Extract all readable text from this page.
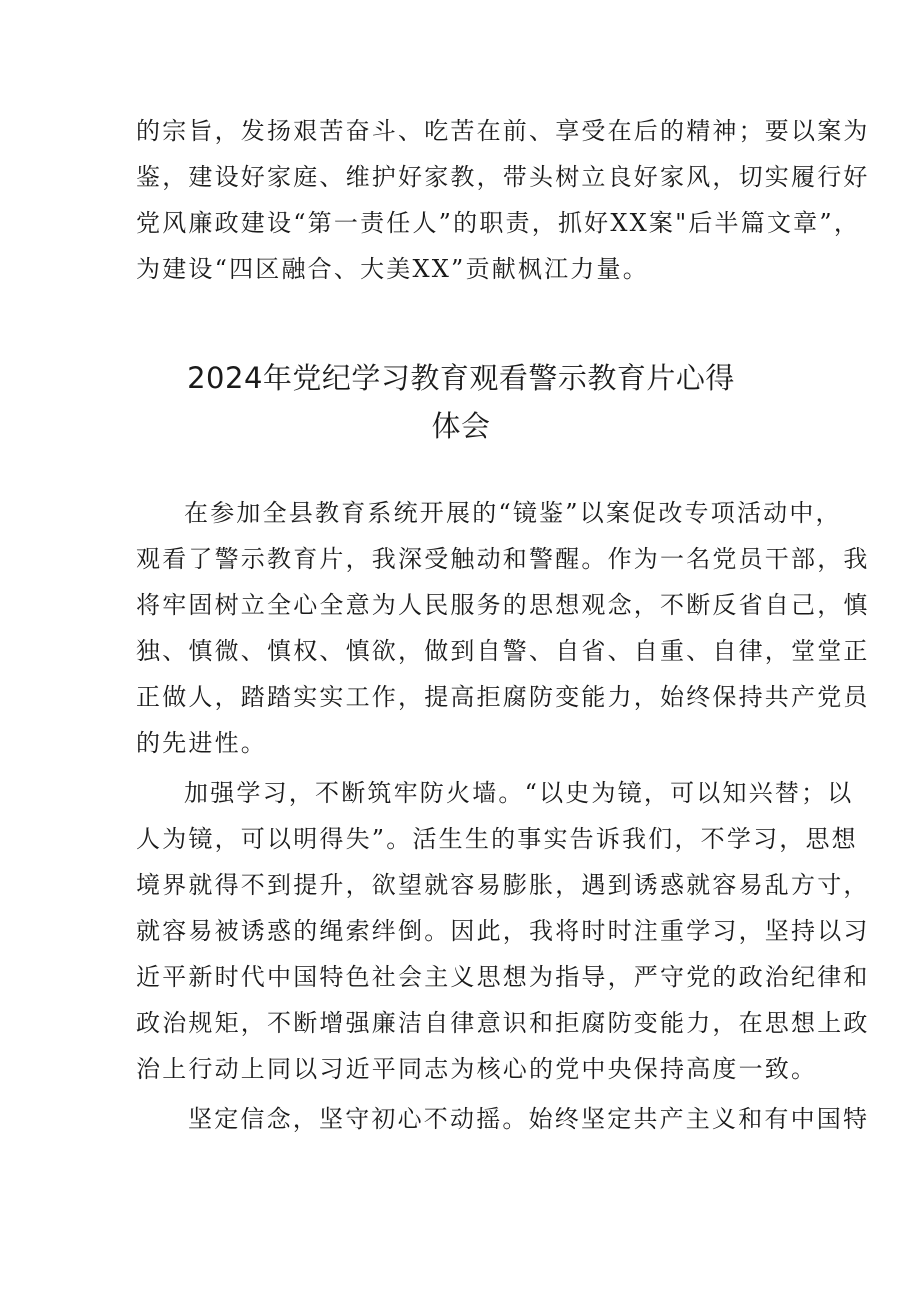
的宗旨，发扬艰苦奋斗、吃苦在前、享受在后的精神；要以案为
鉴，建设好家庭、维护好家教，带头树立良好家风，切实履行好
党风廉政建设“第一责任人”的职责，抓好XX案"后半篇文章”，
为建设“四区融合、大美XX”贡献枫江力量。
2024年党纪学习教育观看警示教育片心得
体会
在参加全县教育系统开展的“镜鉴”以案促改专项活动中，
观看了警示教育片，我深受触动和警醒。作为一名党员干部，我
将牢固树立全心全意为人民服务的思想观念，不断反省自己，慎
独、慎微、慎权、慎欲，做到自警、自省、自重、自律，堂堂正
正做人，踏踏实实工作，提高拒腐防变能力，始终保持共产党员
的先进性。
加强学习，不断筑牢防火墙。“以史为镜，可以知兴替；以
人为镜，可以明得失”。活生生的事实告诉我们，不学习，思想
境界就得不到提升，欲望就容易膨胀，遇到诱惑就容易乱方寸，
就容易被诱惑的绳索绊倒。因此，我将时时注重学习，坚持以习
近平新时代中国特色社会主义思想为指导，严守党的政治纪律和
政治规矩，不断增强廉洁自律意识和拒腐防变能力，在思想上政
治上行动上同以习近平同志为核心的党中央保持高度一致。
坚定信念，坚守初心不动摇。始终坚定共产主义和有中国特
